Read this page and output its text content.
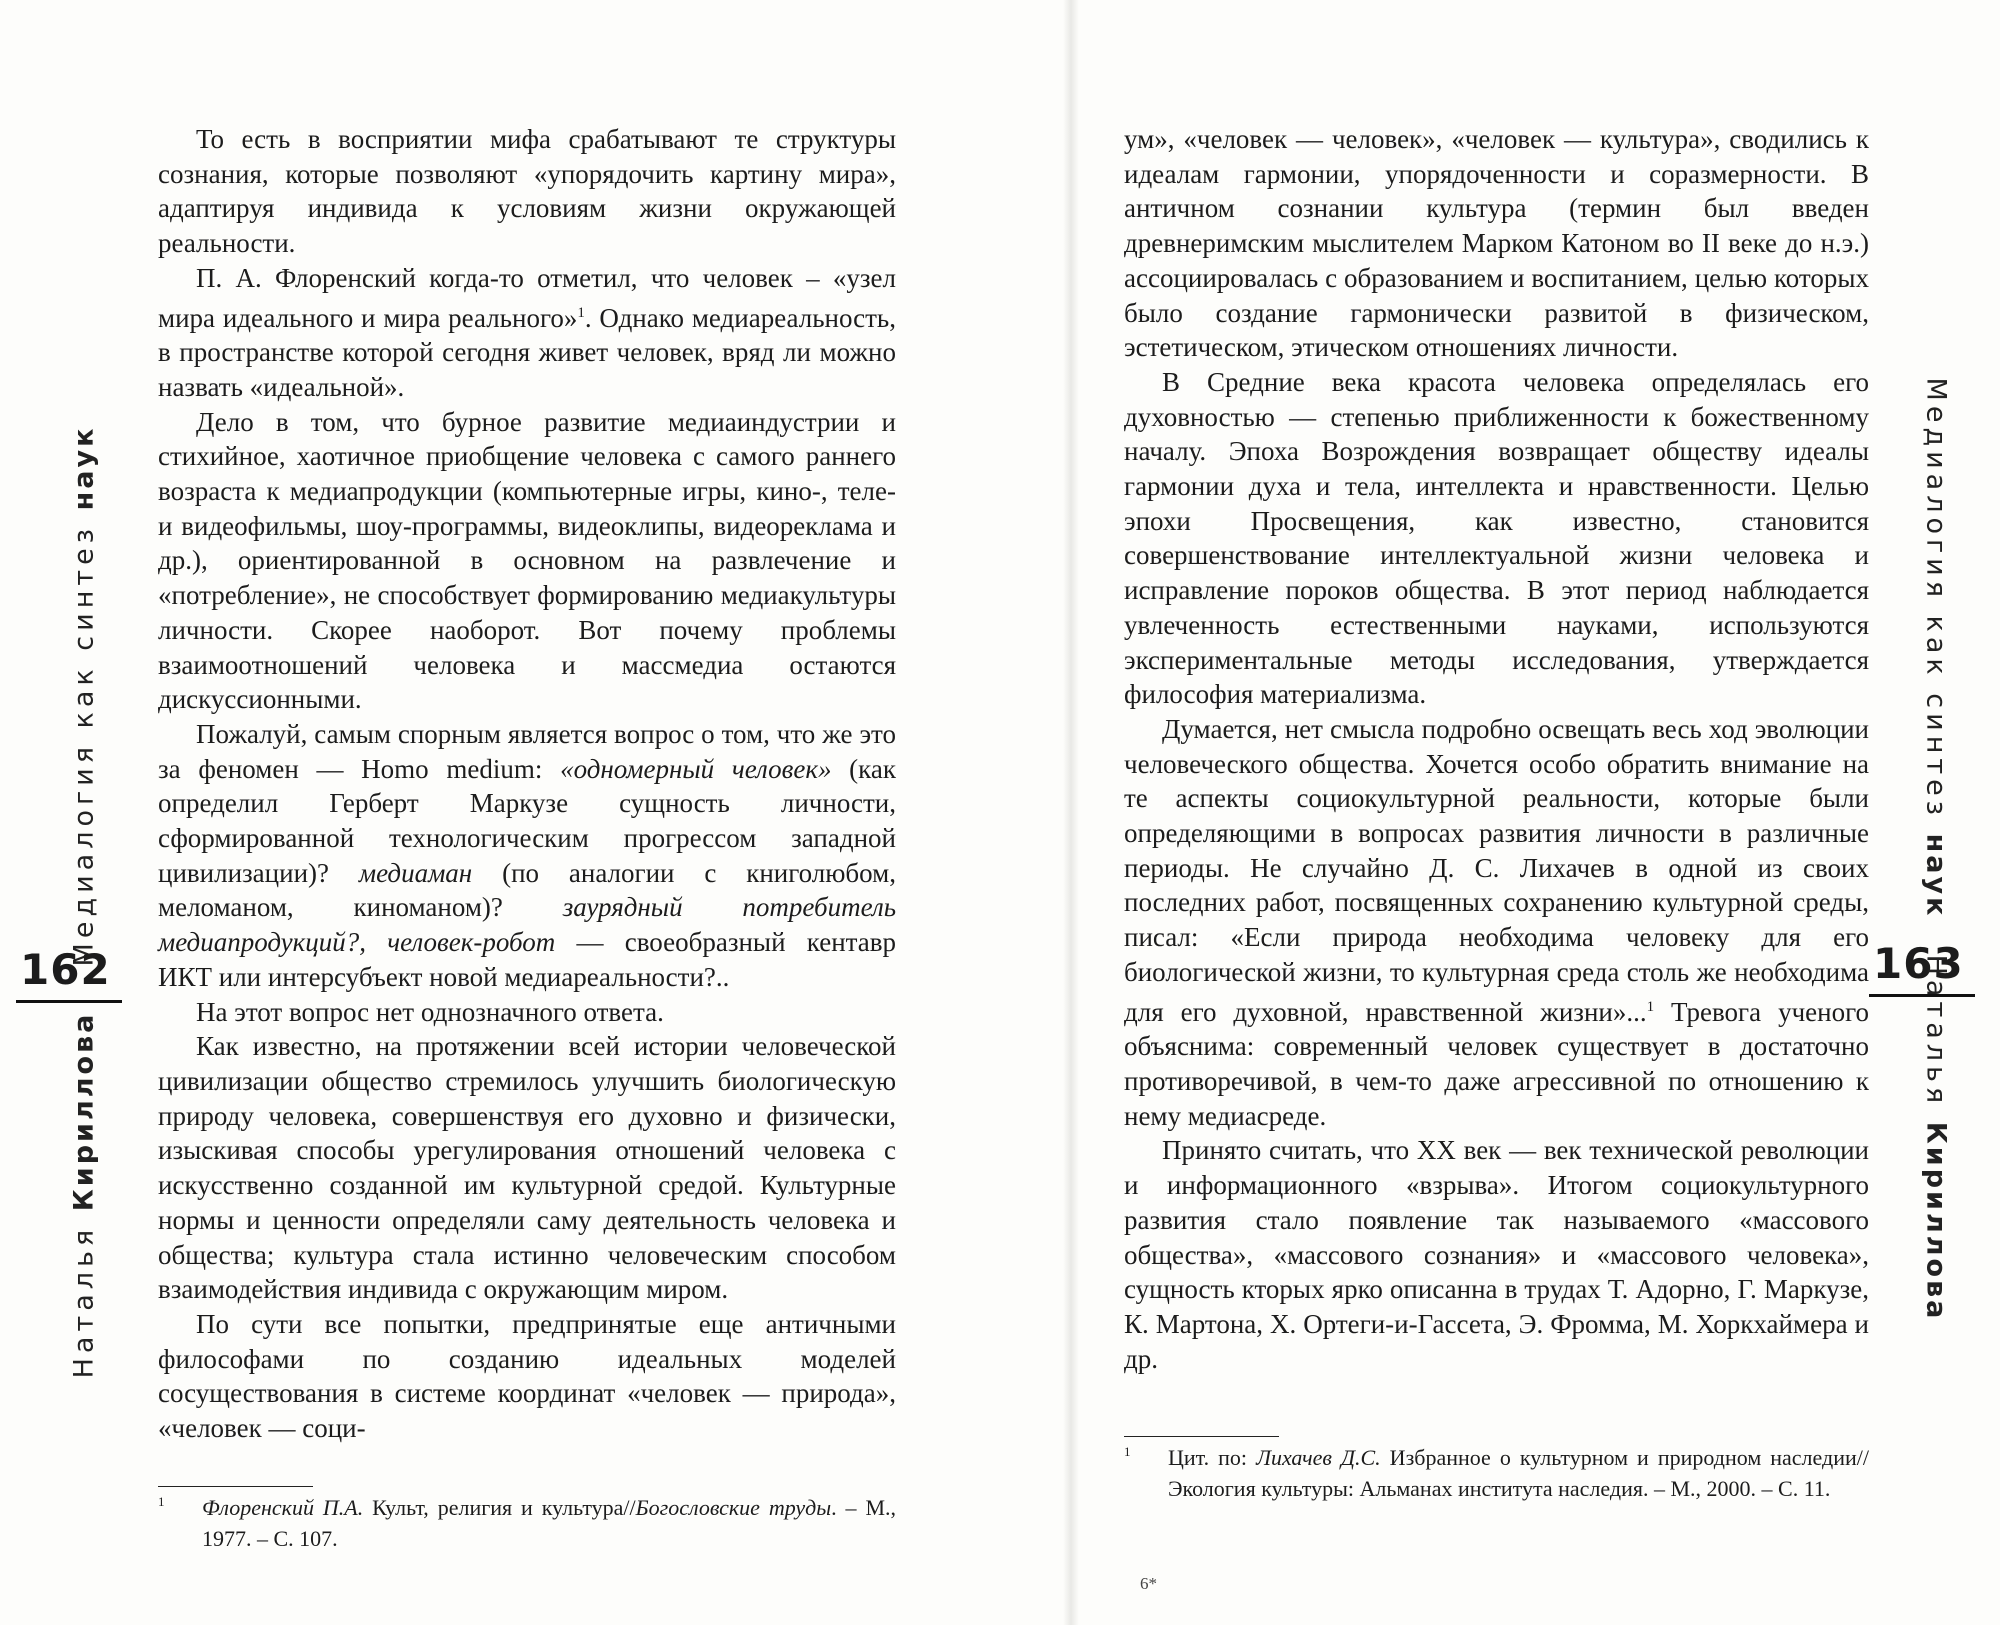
Медиалогия как синтез наук
162
Наталья Кириллова

То есть в восприятии мифа срабатывают те структуры сознания, которые позволяют «упорядочить картину мира», адаптируя индивида к условиям жизни окружающей реальности.

П. А. Флоренский когда-то отметил, что человек – «узел мира идеального и мира реального»$^1$. Однако медиареальность, в пространстве которой сегодня живет человек, вряд ли можно назвать «идеальной».

Дело в том, что бурное развитие медиаиндустрии и стихийное, хаотичное приобщение человека с самого раннего возраста к медиапродукции (компьютерные игры, кино-, теле- и видеофильмы, шоу-программы, видеоклипы, видеореклама и др.), ориентированной в основном на развлечение и «потребление», не способствует формированию медиакультуры личности. Скорее наоборот. Вот почему проблемы взаимоотношений человека и массмедиа остаются дискуссионными.

Пожалуй, самым спорным является вопрос о том, что же это за феномен — Homo medium: «одномерный человек» (как определил Герберт Маркузе сущность личности, сформированной технологическим прогрессом западной цивилизации)? медиаман (по аналогии с книголюбом, меломаном, киноманом)? заурядный потребитель медиапродукций?, человек-робот — своеобразный кентавр ИКТ или интерсубъект новой медиареальности?..

На этот вопрос нет однозначного ответа.

Как известно, на протяжении всей истории человеческой цивилизации общество стремилось улучшить биологическую природу человека, совершенствуя его духовно и физически, изыскивая способы урегулирования отношений человека с искусственно созданной им культурной средой. Культурные нормы и ценности определяли саму деятельность человека и общества; культура стала истинно человеческим способом взаимодействия индивида с окружающим миром.

По сути все попытки, предпринятые еще античными философами по созданию идеальных моделей сосуществования в системе координат «человек — природа», «человек — соци-

1	Флоренский П.А. Культ, религия и культура//Богословские труды. – М., 1977. – С. 107.

ум», «человек — человек», «человек — культура», сводились к идеалам гармонии, упорядоченности и соразмерности. В античном сознании культура (термин был введен древнеримским мыслителем Марком Катоном во II веке до н.э.) ассоциировалась с образованием и воспитанием, целью которых было создание гармонически развитой в физическом, эстетическом, этическом отношениях личности.

В Средние века красота человека определялась его духовностью — степенью приближенности к божественному началу. Эпоха Возрождения возвращает обществу идеалы гармонии духа и тела, интеллекта и нравственности. Целью эпохи Просвещения, как известно, становится совершенствование интеллектуальной жизни человека и исправление пороков общества. В этот период наблюдается увлеченность естественными науками, используются экспериментальные методы исследования, утверждается философия материализма.

Думается, нет смысла подробно освещать весь ход эволюции человеческого общества. Хочется особо обратить внимание на те аспекты социокультурной реальности, которые были определяющими в вопросах развития личности в различные периоды. Не случайно Д. С. Лихачев в одной из своих последних работ, посвященных сохранению культурной среды, писал: «Если природа необходима человеку для его биологической жизни, то культурная среда столь же необходима для его духовной, нравственной жизни»...$^1$ Тревога ученого объяснима: современный человек существует в достаточно противоречивой, в чем-то даже агрессивной по отношению к нему медиасреде.

Принято считать, что XX век — век технической революции и информационного «взрыва». Итогом социокультурного развития стало появление так называемого «массового общества», «массового сознания» и «массового человека», сущность кторых ярко описанна в трудах Т. Адорно, Г. Маркузе, К. Мартона, Х. Ортеги-и-Гассета, Э. Фромма, М. Хоркхаймера и др.

1	Цит. по: Лихачев Д.С. Избранное о культурном и природном наследии//Экология культуры: Альманах института наследия. – М., 2000. – С. 11.
6*
Медиалогия как синтез наук
163
Наталья Кириллова
